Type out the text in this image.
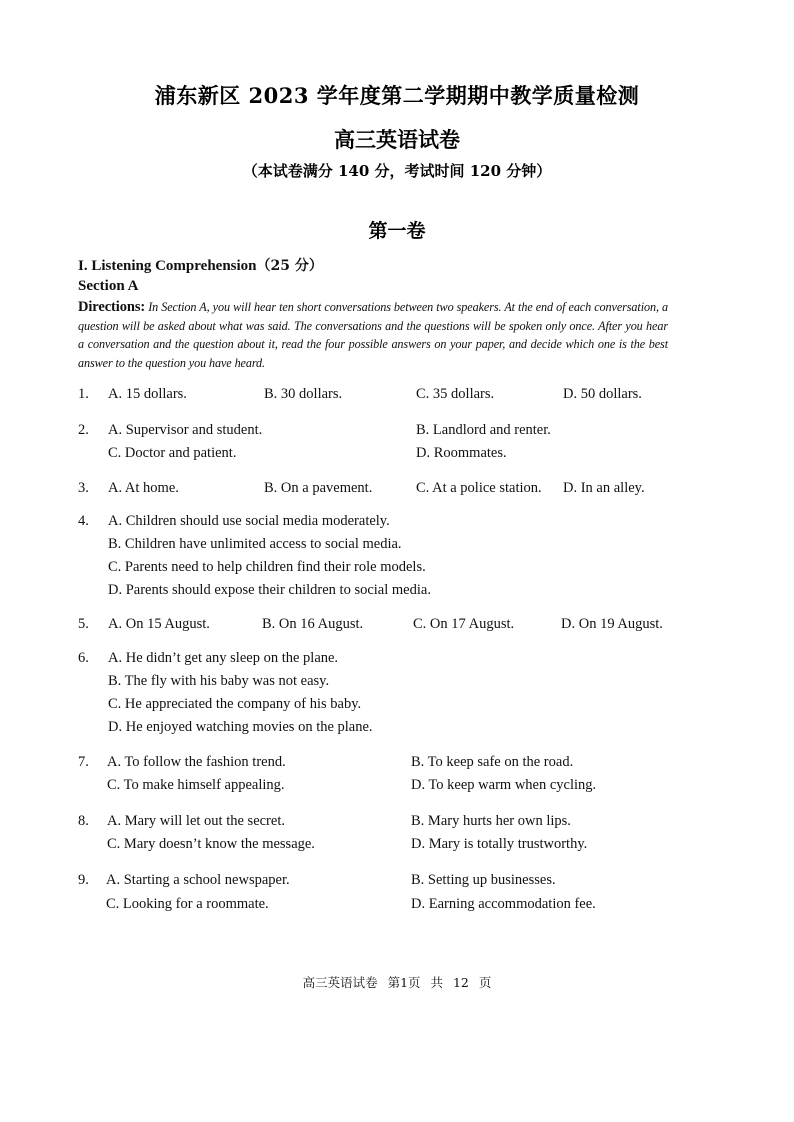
浦东新区 2023 学年度第二学期期中教学质量检测
高三英语试卷
（本试卷满分 140 分，考试时间 120 分钟）
第一卷
I. Listening Comprehension（25 分）
Section A
Directions: In Section A, you will hear ten short conversations between two speakers. At the end of each conversation, a question will be asked about what was said. The conversations and the questions will be spoken only once. After you hear a conversation and the question about it, read the four possible answers on your paper, and decide which one is the best answer to the question you have heard.
1. A. 15 dollars.	B. 30 dollars.	C. 35 dollars.	D. 50 dollars.
2. A. Supervisor and student.	B. Landlord and renter.
C. Doctor and patient.	D. Roommates.
3. A. At home.	B. On a pavement.	C. At a police station. D. In an alley.
4. A. Children should use social media moderately.
B. Children have unlimited access to social media.
C. Parents need to help children find their role models.
D. Parents should expose their children to social media.
5. A. On 15 August.	B. On 16 August.	C. On 17 August.	D. On 19 August.
6. A. He didn’t get any sleep on the plane.
B. The fly with his baby was not easy.
C. He appreciated the company of his baby.
D. He enjoyed watching movies on the plane.
7. A. To follow the fashion trend.	B. To keep safe on the road.
C. To make himself appealing.	D. To keep warm when cycling.
8. A. Mary will let out the secret.	B. Mary hurts her own lips.
C. Mary doesn’t know the message.	D. Mary is totally trustworthy.
9. A. Starting a school newspaper.	B. Setting up businesses.
C. Looking for a roommate.	D. Earning accommodation fee.
高三英语试卷 第1页 共 12 页
